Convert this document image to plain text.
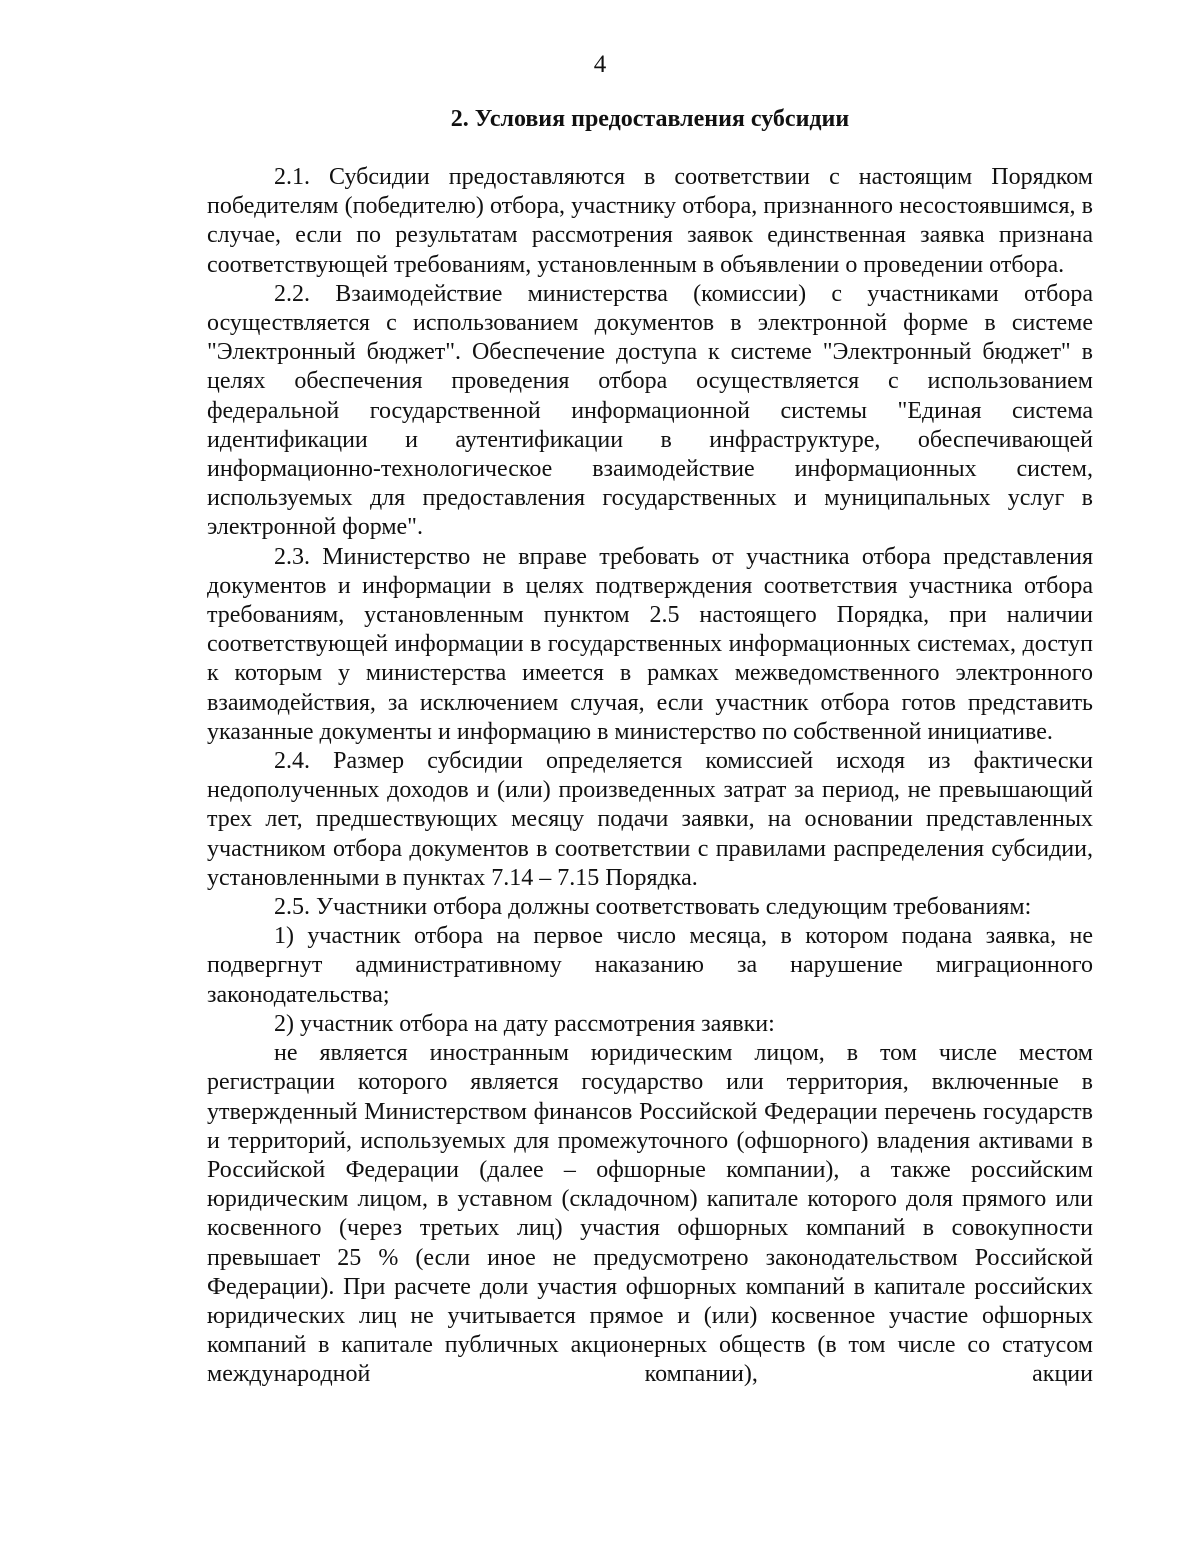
4
2. Условия предоставления субсидии

2.1. Субсидии предоставляются в соответствии с настоящим Порядком победителям (победителю) отбора, участнику отбора, признанного несостоявшимся, в случае, если по результатам рассмотрения заявок единственная заявка признана соответствующей требованиям, установленным в объявлении о проведении отбора.

2.2. Взаимодействие министерства (комиссии) с участниками отбора осуществляется с использованием документов в электронной форме в системе "Электронный бюджет". Обеспечение доступа к системе "Электронный бюджет" в целях обеспечения проведения отбора осуществляется с использованием федеральной государственной информационной системы "Единая система идентификации и аутентификации в инфраструктуре, обеспечивающей информационно-технологическое взаимодействие информационных систем, используемых для предоставления государственных и муниципальных услуг в электронной форме".

2.3. Министерство не вправе требовать от участника отбора представления документов и информации в целях подтверждения соответствия участника отбора требованиям, установленным пунктом 2.5 настоящего Порядка, при наличии соответствующей информации в государственных информационных системах, доступ к которым у министерства имеется в рамках межведомственного электронного взаимодействия, за исключением случая, если участник отбора готов представить указанные документы и информацию в министерство по собственной инициативе.

2.4. Размер субсидии определяется комиссией исходя из фактически недополученных доходов и (или) произведенных затрат за период, не превышающий трех лет, предшествующих месяцу подачи заявки, на основании представленных участником отбора документов в соответствии с правилами распределения субсидии, установленными в пунктах 7.14 – 7.15 Порядка.

2.5. Участники отбора должны соответствовать следующим требованиям:

1) участник отбора на первое число месяца, в котором подана заявка, не подвергнут административному наказанию за нарушение миграционного законодательства;

2) участник отбора на дату рассмотрения заявки:

не является иностранным юридическим лицом, в том числе местом регистрации которого является государство или территория, включенные в утвержденный Министерством финансов Российской Федерации перечень государств и территорий, используемых для промежуточного (офшорного) владения активами в Российской Федерации (далее – офшорные компании), а также российским юридическим лицом, в уставном (складочном) капитале которого доля прямого или косвенного (через третьих лиц) участия офшорных компаний в совокупности превышает 25 % (если иное не предусмотрено законодательством Российской Федерации). При расчете доли участия офшорных компаний в капитале российских юридических лиц не учитывается прямое и (или) косвенное участие офшорных компаний в капитале публичных акционерных обществ (в том числе со статусом международной компании), акции
